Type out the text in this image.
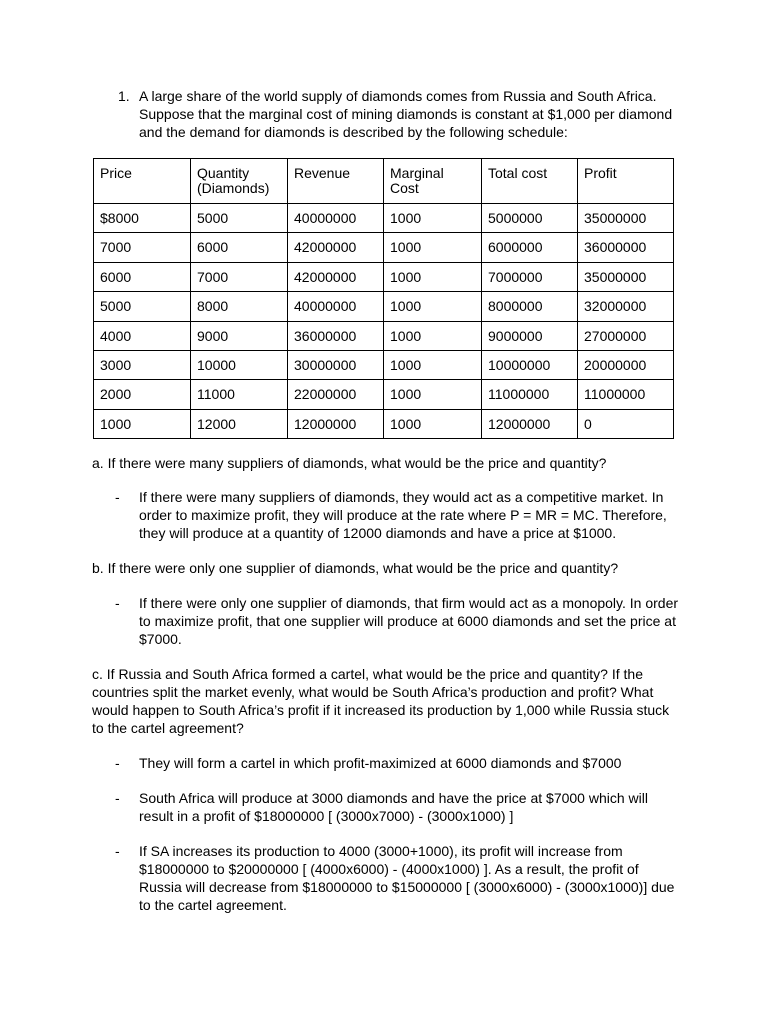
1. A large share of the world supply of diamonds comes from Russia and South Africa. Suppose that the marginal cost of mining diamonds is constant at $1,000 per diamond and the demand for diamonds is described by the following schedule:
Price	Quantity (Diamonds)	Revenue	Marginal Cost	Total cost	Profit
$8000	5000	40000000	1000	5000000	35000000
7000	6000	42000000	1000	6000000	36000000
6000	7000	42000000	1000	7000000	35000000
5000	8000	40000000	1000	8000000	32000000
4000	9000	36000000	1000	9000000	27000000
3000	10000	30000000	1000	10000000	20000000
2000	11000	22000000	1000	11000000	11000000
1000	12000	12000000	1000	12000000	0
a. If there were many suppliers of diamonds, what would be the price and quantity?
- If there were many suppliers of diamonds, they would act as a competitive market. In order to maximize profit, they will produce at the rate where P = MR = MC. Therefore, they will produce at a quantity of 12000 diamonds and have a price at $1000.
b. If there were only one supplier of diamonds, what would be the price and quantity?
- If there were only one supplier of diamonds, that firm would act as a monopoly. In order to maximize profit, that one supplier will produce at 6000 diamonds and set the price at $7000.
c. If Russia and South Africa formed a cartel, what would be the price and quantity? If the countries split the market evenly, what would be South Africa’s production and profit? What would happen to South Africa’s profit if it increased its production by 1,000 while Russia stuck to the cartel agreement?
- They will form a cartel in which profit-maximized at 6000 diamonds and $7000
- South Africa will produce at 3000 diamonds and have the price at $7000 which will result in a profit of $18000000 [ (3000x7000) - (3000x1000) ]
- If SA increases its production to 4000 (3000+1000), its profit will increase from $18000000 to $20000000 [ (4000x6000) - (4000x1000) ]. As a result, the profit of Russia will decrease from $18000000 to $15000000 [ (3000x6000) - (3000x1000)] due to the cartel agreement.
